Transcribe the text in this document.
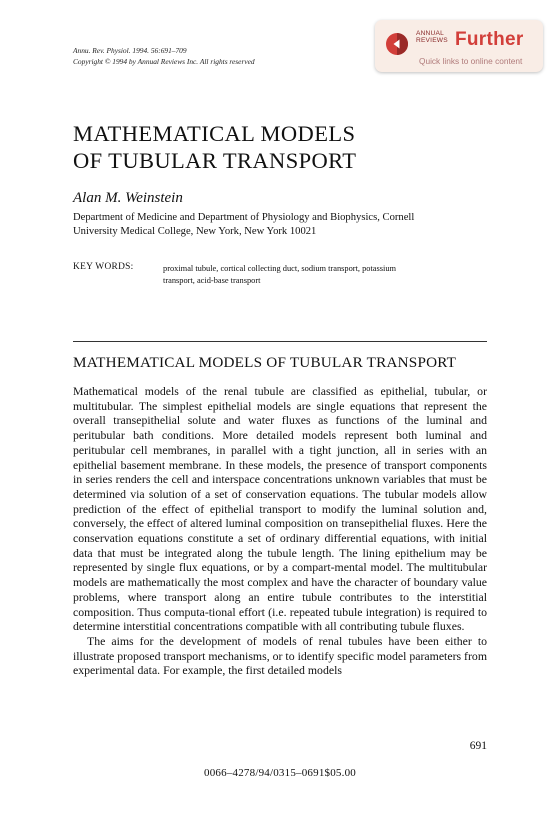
Annu. Rev. Physiol. 1994. 56:691–709
Copyright © 1994 by Annual Reviews Inc. All rights reserved
ANNUAL
REVIEWS Further
Quick links to online content
MATHEMATICAL MODELS
OF TUBULAR TRANSPORT
Alan M. Weinstein
Department of Medicine and Department of Physiology and Biophysics, Cornell
University Medical College, New York, New York 10021
KEY WORDS:	proximal tubule, cortical collecting duct, sodium transport, potassium
transport, acid-base transport
MATHEMATICAL MODELS OF TUBULAR TRANSPORT

Mathematical models of the renal tubule are classified as epithelial, tubular, or multitubular. The simplest epithelial models are single equations that represent the overall transepithelial solute and water fluxes as functions of the luminal and peritubular bath conditions. More detailed models represent both luminal and peritubular cell membranes, in parallel with a tight junction, all in series with an epithelial basement membrane. In these models, the presence of transport components in series renders the cell and interspace concentrations unknown variables that must be determined via solution of a set of conservation equations. The tubular models allow prediction of the effect of epithelial transport to modify the luminal solution and, conversely, the effect of altered luminal composition on transepithelial fluxes. Here the conservation equations constitute a set of ordinary differential equations, with initial data that must be integrated along the tubule length. The lining epithelium may be represented by single flux equations, or by a compart-mental model. The multitubular models are mathematically the most complex and have the character of boundary value problems, where transport along an entire tubule contributes to the interstitial composition. Thus computa-tional effort (i.e. repeated tubule integration) is required to determine interstitial concentrations compatible with all contributing tubule fluxes.

The aims for the development of models of renal tubules have been either to illustrate proposed transport mechanisms, or to identify specific model parameters from experimental data. For example, the first detailed models

691
0066–4278/94/0315–0691$05.00
